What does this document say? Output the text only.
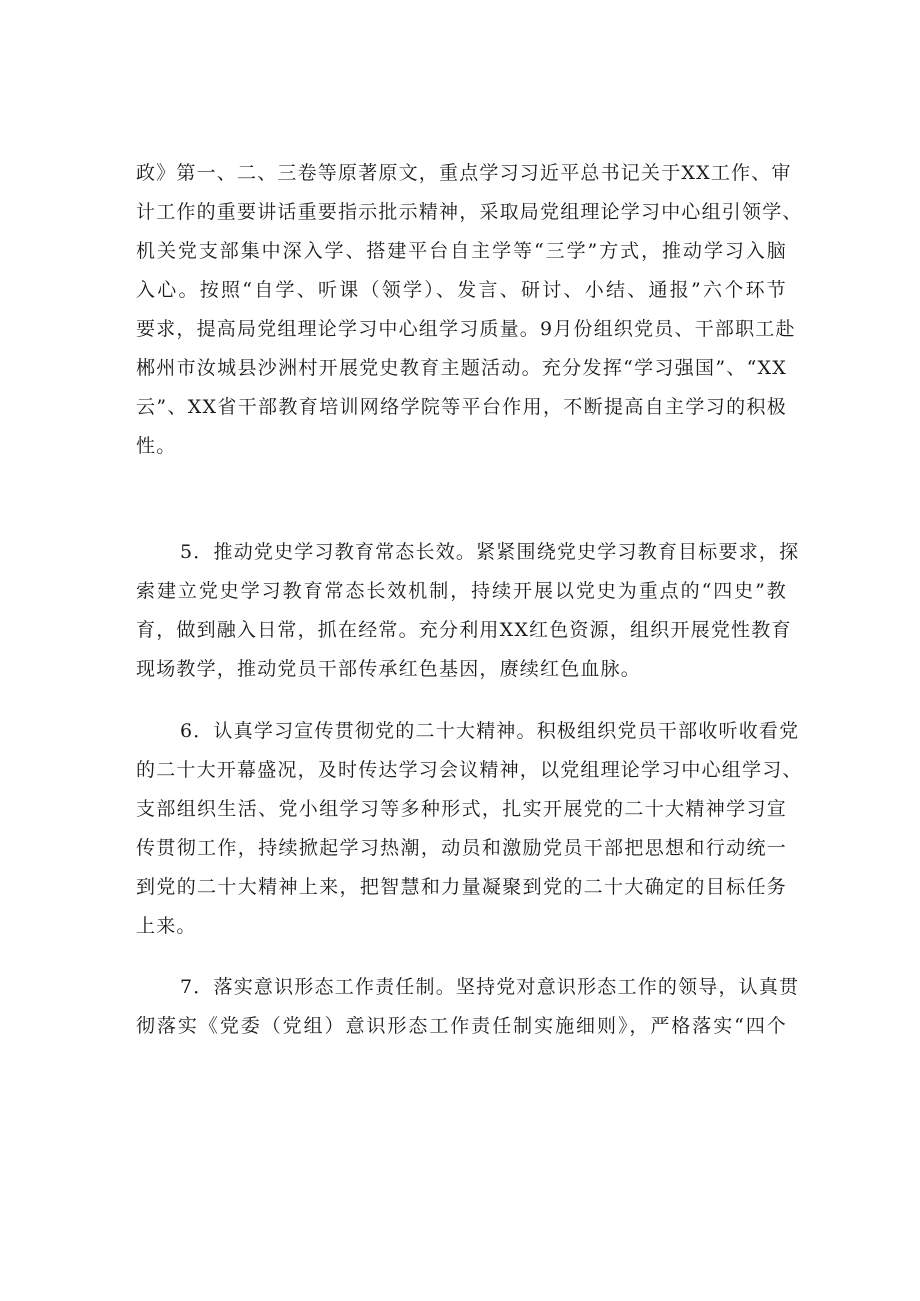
政》第一、二、三卷等原著原文，重点学习习近平总书记关于XX工作、审
计工作的重要讲话重要指示批示精神，采取局党组理论学习中心组引领学、
机关党支部集中深入学、搭建平台自主学等“三学”方式，推动学习入脑
入心。按照“自学、听课（领学）、发言、研讨、小结、通报”六个环节
要求，提高局党组理论学习中心组学习质量。9月份组织党员、干部职工赴
郴州市汝城县沙洲村开展党史教育主题活动。充分发挥“学习强国”、“XX
云”、XX省干部教育培训网络学院等平台作用，不断提高自主学习的积极
性。
5．推动党史学习教育常态长效。紧紧围绕党史学习教育目标要求，探
索建立党史学习教育常态长效机制，持续开展以党史为重点的“四史”教
育，做到融入日常，抓在经常。充分利用XX红色资源，组织开展党性教育
现场教学，推动党员干部传承红色基因，赓续红色血脉。
6．认真学习宣传贯彻党的二十大精神。积极组织党员干部收听收看党
的二十大开幕盛况，及时传达学习会议精神，以党组理论学习中心组学习、
支部组织生活、党小组学习等多种形式，扎实开展党的二十大精神学习宣
传贯彻工作，持续掀起学习热潮，动员和激励党员干部把思想和行动统一
到党的二十大精神上来，把智慧和力量凝聚到党的二十大确定的目标任务
上来。
7．落实意识形态工作责任制。坚持党对意识形态工作的领导，认真贯
彻落实《党委（党组）意识形态工作责任制实施细则》，严格落实“四个
